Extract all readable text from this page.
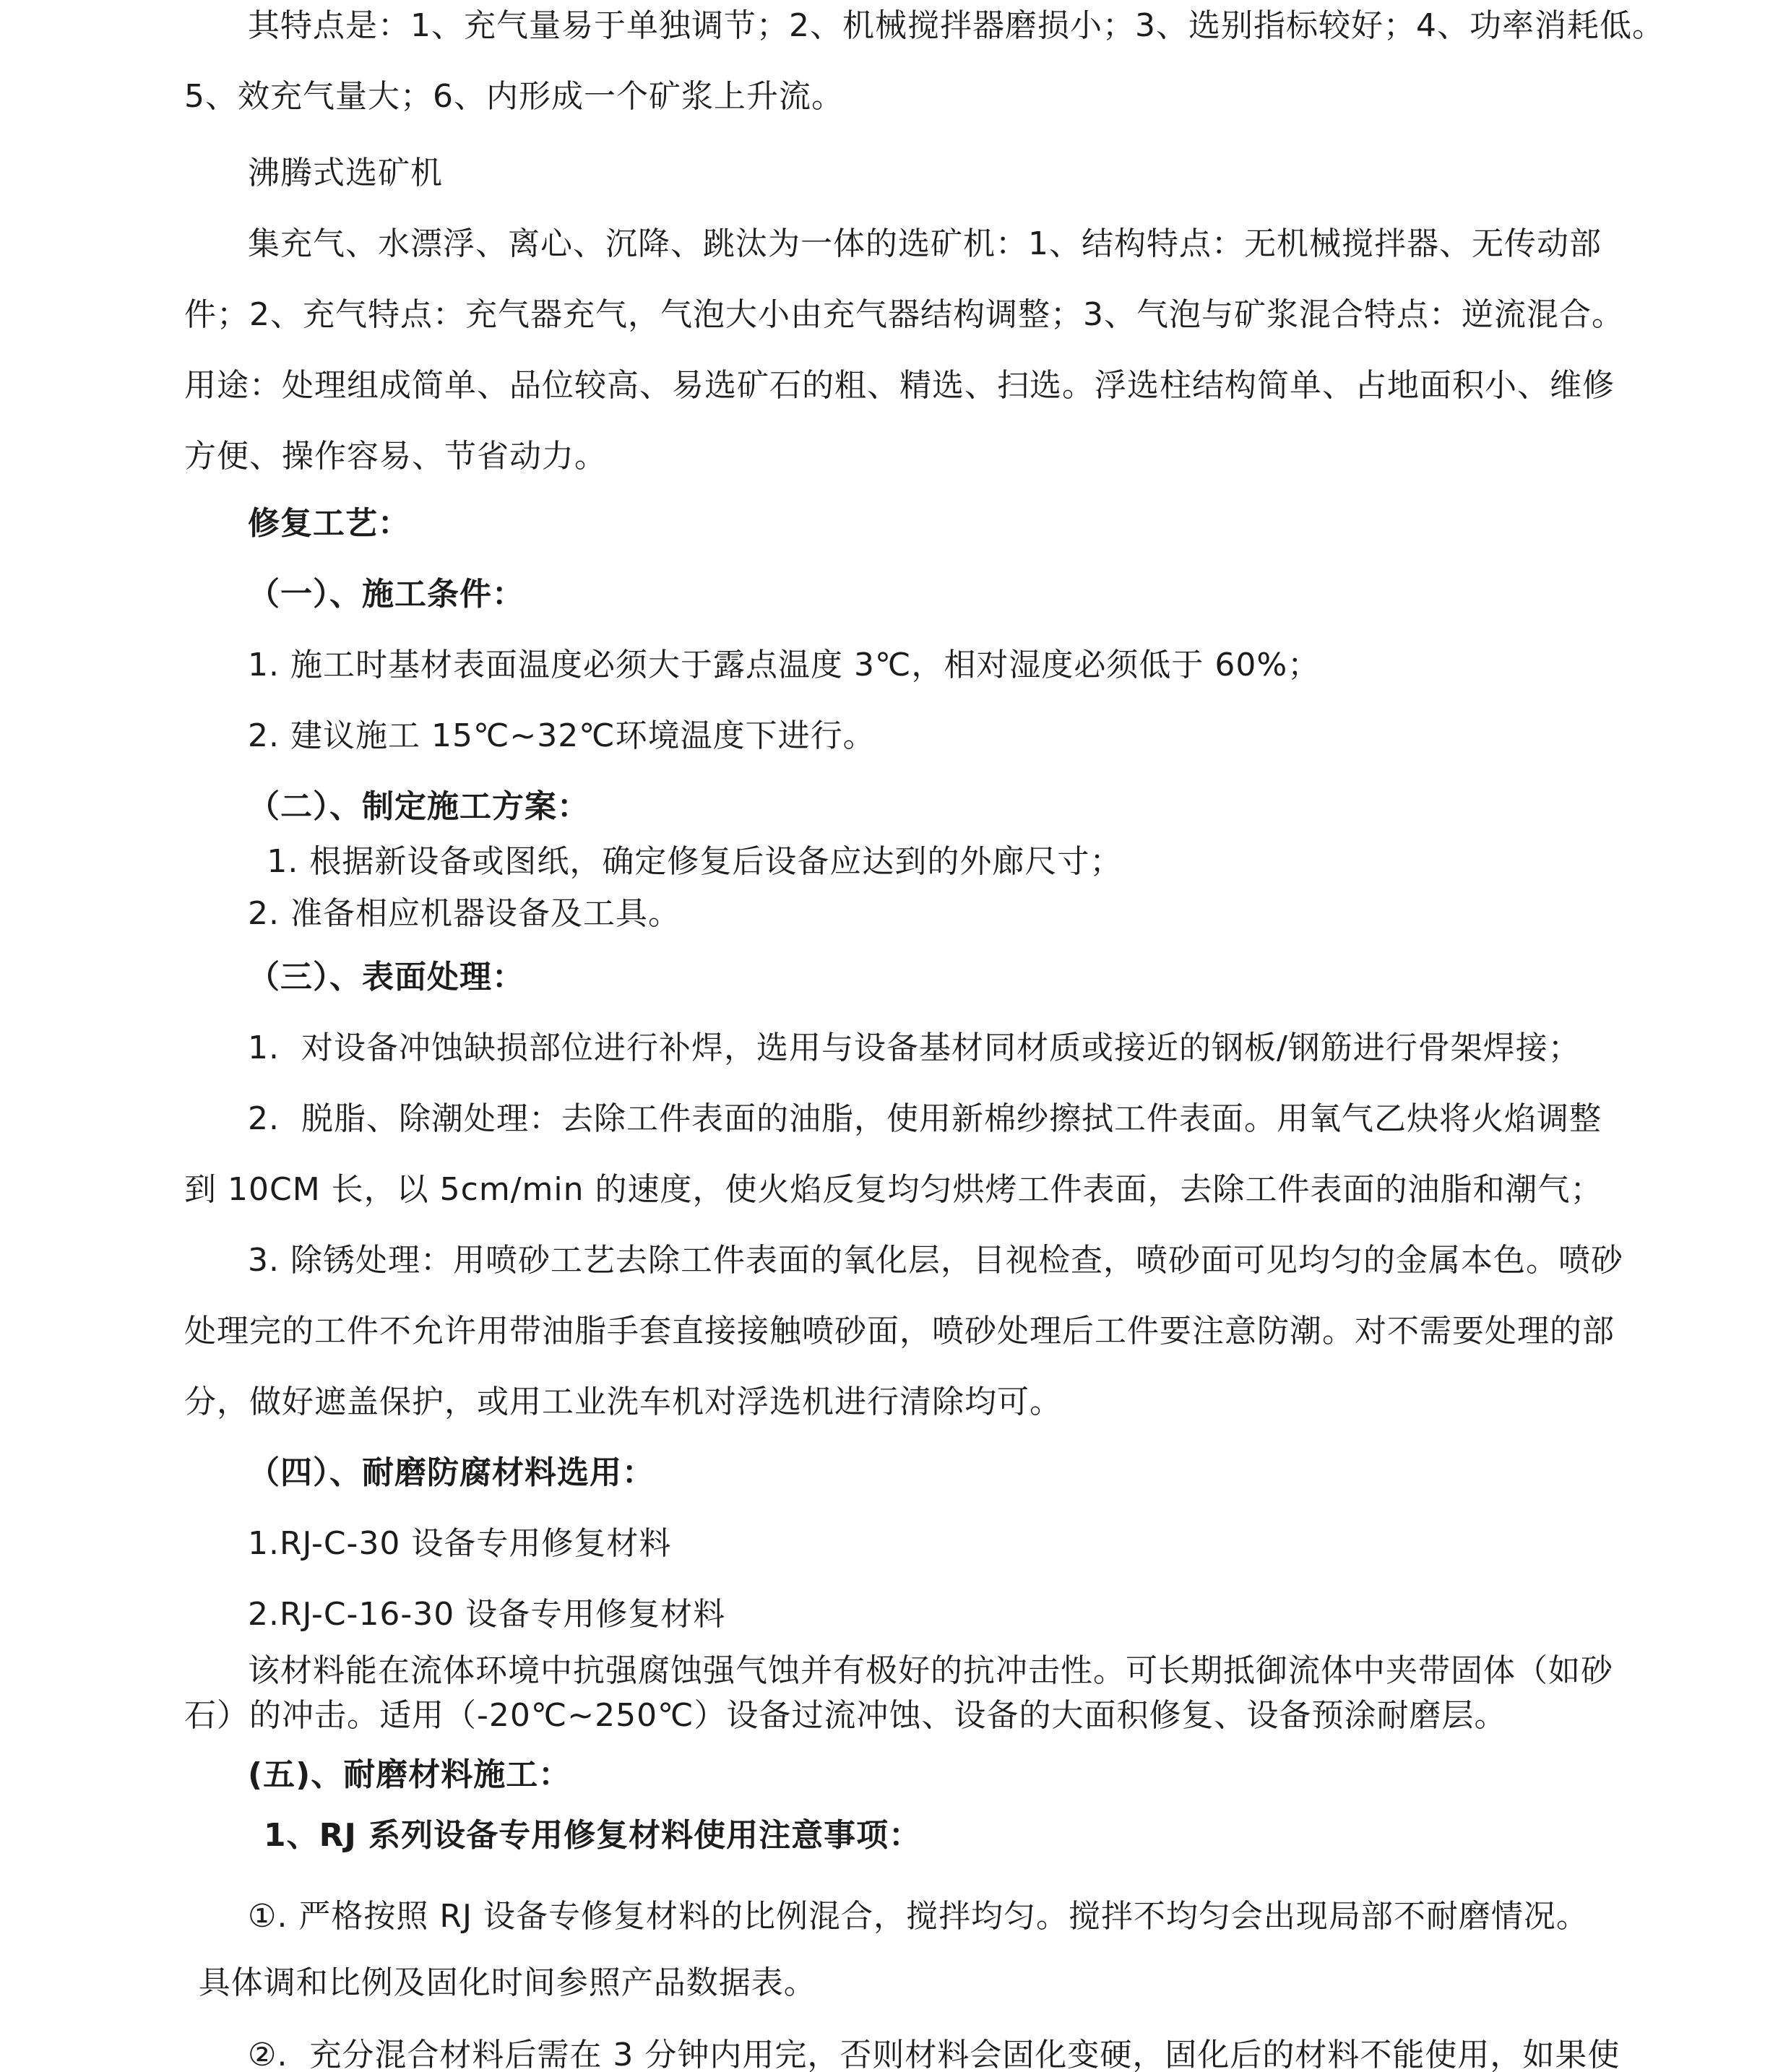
其特点是：1、充气量易于单独调节；2、机械搅拌器磨损小；3、选别指标较好；4、功率消耗低。
5、效充气量大；6、内形成一个矿浆上升流。
沸腾式选矿机
集充气、水漂浮、离心、沉降、跳汰为一体的选矿机：1、结构特点：无机械搅拌器、无传动部
件；2、充气特点：充气器充气，气泡大小由充气器结构调整；3、气泡与矿浆混合特点：逆流混合。
用途：处理组成简单、品位较高、易选矿石的粗、精选、扫选。浮选柱结构简单、占地面积小、维修
方便、操作容易、节省动力。
修复工艺：
（一）、施工条件：
1. 施工时基材表面温度必须大于露点温度 3℃，相对湿度必须低于 60%；
2. 建议施工 15℃~32℃环境温度下进行。
（二）、制定施工方案：
1. 根据新设备或图纸，确定修复后设备应达到的外廊尺寸；
2. 准备相应机器设备及工具。
（三）、表面处理：
1.  对设备冲蚀缺损部位进行补焊，选用与设备基材同材质或接近的钢板/钢筋进行骨架焊接；
2.  脱脂、除潮处理：去除工件表面的油脂，使用新棉纱擦拭工件表面。用氧气乙炔将火焰调整
到 10CM 长，以 5cm/min 的速度，使火焰反复均匀烘烤工件表面，去除工件表面的油脂和潮气；
3. 除锈处理：用喷砂工艺去除工件表面的氧化层，目视检查，喷砂面可见均匀的金属本色。喷砂
处理完的工件不允许用带油脂手套直接接触喷砂面，喷砂处理后工件要注意防潮。对不需要处理的部
分，做好遮盖保护，或用工业洗车机对浮选机进行清除均可。
（四）、耐磨防腐材料选用：
1.RJ-C-30 设备专用修复材料
2.RJ-C-16-30 设备专用修复材料
该材料能在流体环境中抗强腐蚀强气蚀并有极好的抗冲击性。可长期抵御流体中夹带固体（如砂
石）的冲击。适用（-20℃~250℃）设备过流冲蚀、设备的大面积修复、设备预涂耐磨层。
(五)、耐磨材料施工：
1、RJ 系列设备专用修复材料使用注意事项：
①. 严格按照 RJ 设备专修复材料的比例混合，搅拌均匀。搅拌不均匀会出现局部不耐磨情况。
具体调和比例及固化时间参照产品数据表。
②.  充分混合材料后需在 3 分钟内用完，否则材料会固化变硬，固化后的材料不能使用，如果使
